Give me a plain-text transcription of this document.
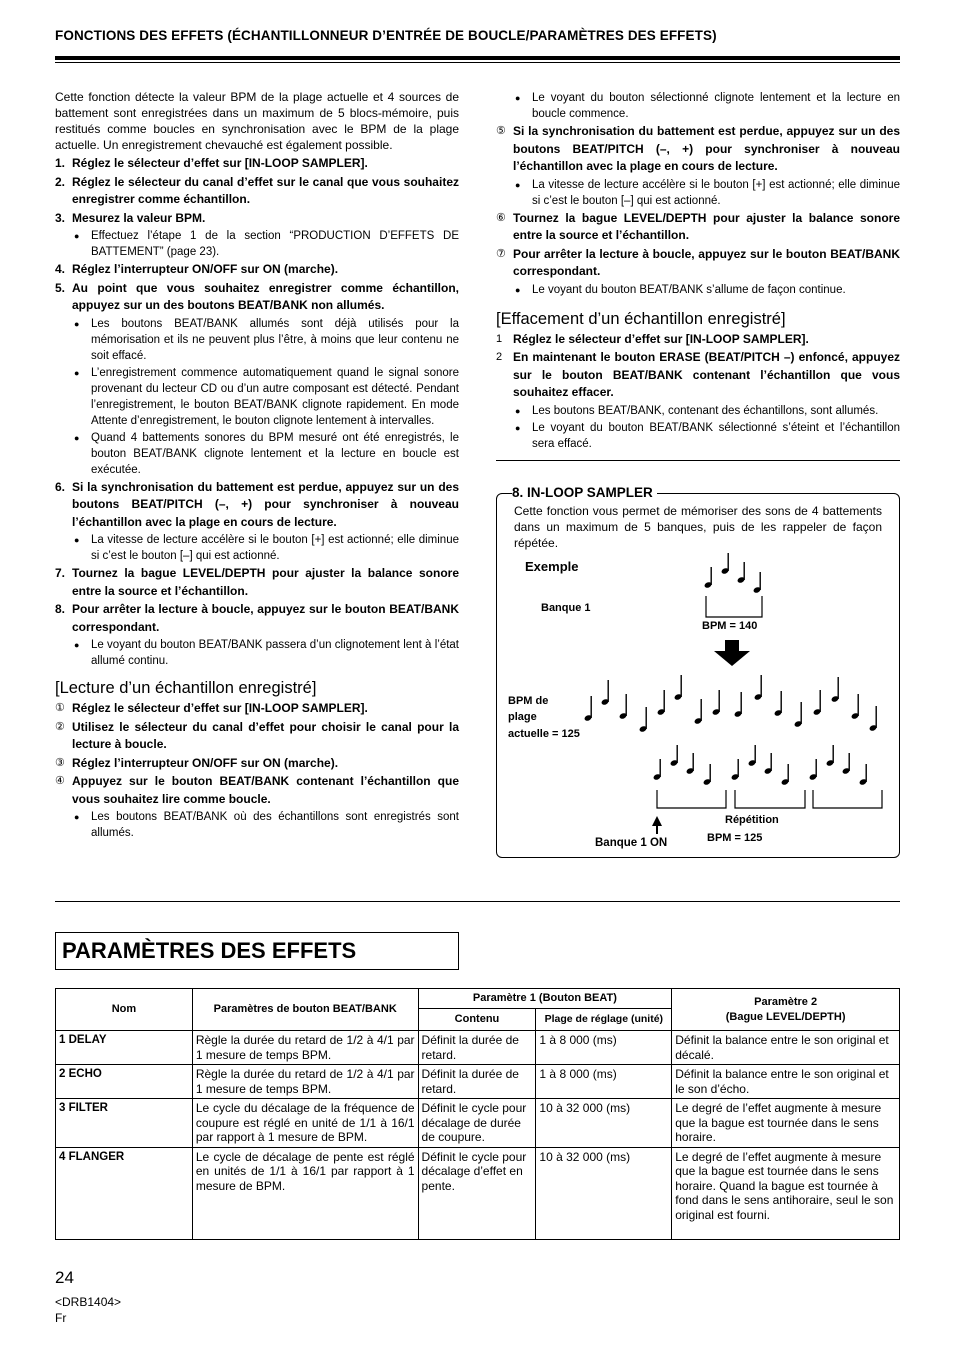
FONCTIONS DES EFFETS (ÉCHANTILLONNEUR D’ENTRÉE DE BOUCLE/PARAMÈTRES DES EFFETS)

Cette fonction détecte la valeur BPM de la plage actuelle et 4 sources de battement sont enregistrées dans un maximum de 5 blocs-mémoire, puis restitués comme boucles en synchronisation avec le BPM de la plage actuelle. Un enregistrement chevauché est également possible.

1. Réglez le sélecteur d’effet sur [IN-LOOP SAMPLER].
2. Réglez le sélecteur du canal d’effet sur le canal que vous souhaitez enregistrer comme échantillon.
3. Mesurez la valeur BPM.
●	Effectuez l’étape 1 de la section “PRODUCTION D’EFFETS DE BATTEMENT” (page 23).
4. Réglez l’interrupteur ON/OFF sur ON (marche).
5. Au point que vous souhaitez enregistrer comme échantillon, appuyez sur un des boutons BEAT/BANK non allumés.
●	Les boutons BEAT/BANK allumés sont déjà utilisés pour la mémorisation et ils ne peuvent plus l’être, à moins que leur contenu ne soit effacé.
●	L’enregistrement commence automatiquement quand le signal sonore provenant du lecteur CD ou d’un autre composant est détecté. Pendant l’enregistrement, le bouton BEAT/BANK clignote rapidement. En mode Attente d’enregistrement, le bouton clignote lentement à intervalles.
●	Quand 4 battements sonores du BPM mesuré ont été enregistrés, le bouton BEAT/BANK clignote lentement et la lecture en boucle est exécutée.
6. Si la synchronisation du battement est perdue, appuyez sur un des boutons BEAT/PITCH (–, +) pour synchroniser à nouveau l’échantillon avec la plage en cours de lecture.
●	La vitesse de lecture accélère si le bouton [+] est actionné; elle diminue si c’est le bouton [–] qui est actionné.
7. Tournez la bague LEVEL/DEPTH pour ajuster la balance sonore entre la source et l’échantillon.
8. Pour arrêter la lecture à boucle, appuyez sur le bouton BEAT/BANK correspondant.
●	Le voyant du bouton BEAT/BANK passera d’un clignotement lent à l’état allumé continu.
[Lecture d’un échantillon enregistré]
① Réglez le sélecteur d’effet sur [IN-LOOP SAMPLER].
② Utilisez le sélecteur du canal d’effet pour choisir le canal pour la lecture à boucle.
③ Réglez l’interrupteur ON/OFF sur ON (marche).
④ Appuyez sur le bouton BEAT/BANK contenant l’échantillon que vous souhaitez lire comme boucle.
●	Les boutons BEAT/BANK où des échantillons sont enregistrés sont allumés.
●	Le voyant du bouton sélectionné clignote lentement et la lecture en boucle commence.
⑤ Si la synchronisation du battement est perdue, appuyez sur un des boutons BEAT/PITCH (–, +) pour synchroniser à nouveau l’échantillon avec la plage en cours de lecture.
●	La vitesse de lecture accélère si le bouton [+] est actionné; elle diminue si c’est le bouton [–] qui est actionné.
⑥ Tournez la bague LEVEL/DEPTH pour ajuster la balance sonore entre la source et l’échantillon.
⑦ Pour arrêter la lecture à boucle, appuyez sur le bouton BEAT/BANK correspondant.
●	Le voyant du bouton BEAT/BANK s’allume de façon continue.
[Effacement d’un échantillon enregistré]
1 Réglez le sélecteur d’effet sur [IN-LOOP SAMPLER].
2 En maintenant le bouton ERASE (BEAT/PITCH –) enfoncé, appuyez sur le bouton BEAT/BANK contenant l’échantillon que vous souhaitez effacer.
●	Les boutons BEAT/BANK, contenant des échantillons, sont allumés.
●	Le voyant du bouton BEAT/BANK sélectionné s’éteint et l’échantillon sera effacé.
8. IN-LOOP SAMPLER
Cette fonction vous permet de mémoriser des sons de 4 battements dans un maximum de 5 banques, puis de les rappeler de façon répétée.
Exemple
Banque 1
BPM = 140
BPM de
plage
actuelle = 125
Répétition
Banque 1 ON	BPM = 125
PARAMÈTRES DES EFFETS
Nom	Paramètres de bouton BEAT/BANK	Paramètre 1 (Bouton BEAT)		Paramètre 2
(Bague LEVEL/DEPTH)

		Contenu	Plage de réglage (unité)	
1 DELAY	Règle la durée du retard de 1/2 à 4/1 par 1 mesure de temps BPM.	Définit la durée de retard.	1 à 8 000 (ms)	Définit la balance entre le son original et décalé.
2 ECHO	Règle la durée du retard de 1/2 à 4/1 par 1 mesure de temps BPM.	Définit la durée de retard.	1 à 8 000 (ms)	Définit la balance entre le son original et le son d’écho.
3 FILTER	Le cycle du décalage de la fréquence de coupure est réglé en unité de 1/1 à 16/1 par rapport à 1 mesure de BPM.	Définit le cycle pour décalage de durée de coupure.	10 à 32 000 (ms)	Le degré de l’effet augmente à mesure que la bague est tournée dans le sens horaire.
4 FLANGER	Le cycle de décalage de pente est réglé en unités de 1/1 à 16/1 par rapport à 1 mesure de BPM.	Définit le cycle pour décalage d’effet en pente.	10 à 32 000 (ms)	Le degré de l’effet augmente à mesure que la bague est tournée dans le sens horaire. Quand la bague est tournée à fond dans le sens antihoraire, seul le son original est fourni.
24
<DRB1404>
Fr
